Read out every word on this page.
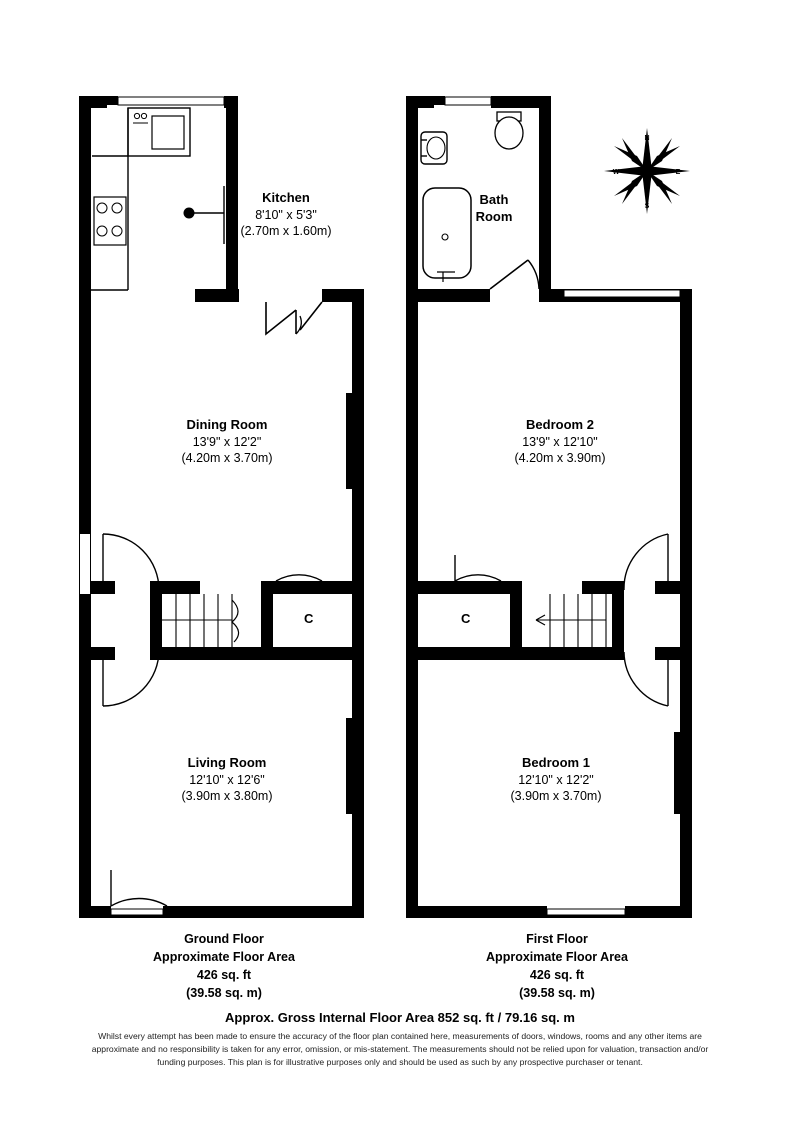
Kitchen
8'10" x 5'3"
(2.70m x 1.60m)
Dining Room
13'9" x 12'2"
(4.20m x 3.70m)
Living Room
12'10" x 12'6"
(3.90m x 3.80m)
C
Ground Floor
Approximate Floor Area
426 sq. ft
(39.58 sq. m)
Bath
Room
Bedroom 2
13'9" x 12'10"
(4.20m x 3.90m)
Bedroom 1
12'10" x 12'2"
(3.90m x 3.70m)
C
First Floor
Approximate Floor Area
426 sq. ft
(39.58 sq. m)
N
S
E
W
Approx. Gross Internal Floor Area 852 sq. ft / 79.16 sq. m
Whilst every attempt has been made to ensure the accuracy of the floor plan contained here, measurements of doors, windows, rooms and any other items are approximate and no responsibility is taken for any error, omission, or mis-statement. The measurements should not be relied upon for valuation, transaction and/or funding purposes. This plan is for illustrative purposes only and should be used as such by any prospective purchaser or tenant.
